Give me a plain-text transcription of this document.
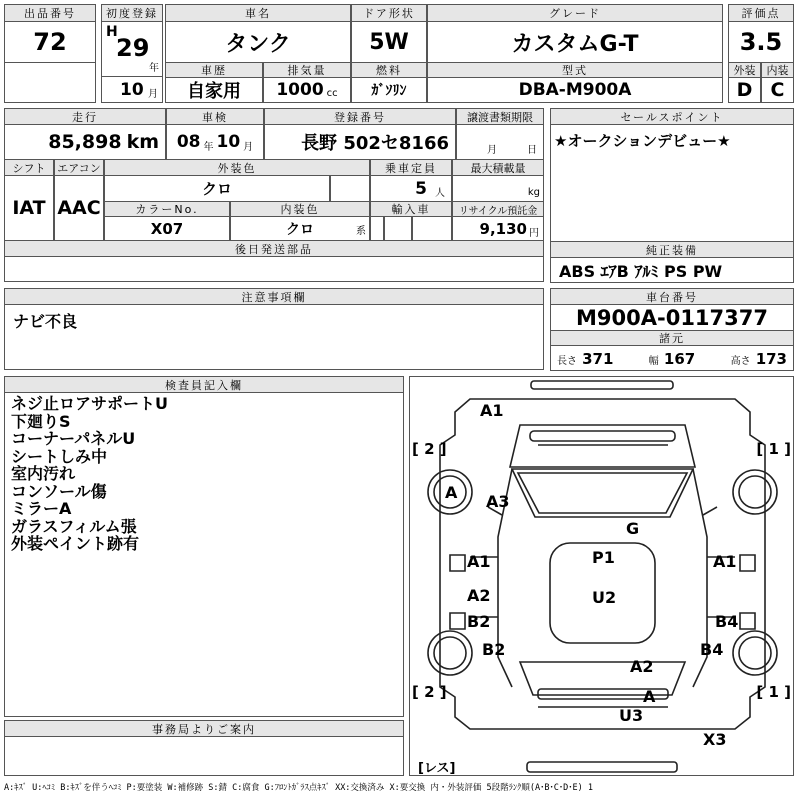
出品番号
72
初度登録
H
29
年
10 月
車名
タンク
ドア形状
5W
グレード
カスタムG-T
評価点
3.5
外装	内装
D C
車歴
自家用
排気量
1000 cc
燃料
ｶﾞｿﾘﾝ
型式
DBA-M900A
走行
85,898 km
車検
08 年 10 月
登録番号
長野 502セ8166
譲渡書類期限
月	日
シフト	エアコン
IAT AAC
外装色
クロ
乗車定員
5 人
最大積載量
kg
カラーNo.
X07
内装色
クロ	系
輸入車	リサイクル預託金
9,130 円
後日発送部品
セールスポイント
★オークションデビュー★
純正装備
ABS ｴｱB ｱﾙﾐ PS PW
注意事項欄
ナビ不良
車台番号
M900A-0117377
諸元
長さ 371	幅 167	高さ 173
検査員記入欄
ネジ止ロアサポートU
下廻りS
コーナーパネルU
シートしみ中
室内汚れ
コンソール傷
ミラーA
ガラスフィルム張
外装ペイント跡有
事務局よりご案内
[ 2 ]	[ 1 ]
[ 2 ]	[ 1 ]
[レス]
A1
A A3
G
A1	P1	A1
A2	U2
B2	B4
B2	B4
A2
A
U3
X3
A:ｷｽﾞ U:ﾍｺﾐ B:ｷｽﾞを伴うﾍｺﾐ P:要塗装 W:補修跡 S:錆 C:腐食 G:ﾌﾛﾝﾄｶﾞﾗｽ点ｷｽﾞ XX:交換済み X:要交換 内・外装評価 5段階ﾗﾝｸ順(A･B･C･D･E) 1
